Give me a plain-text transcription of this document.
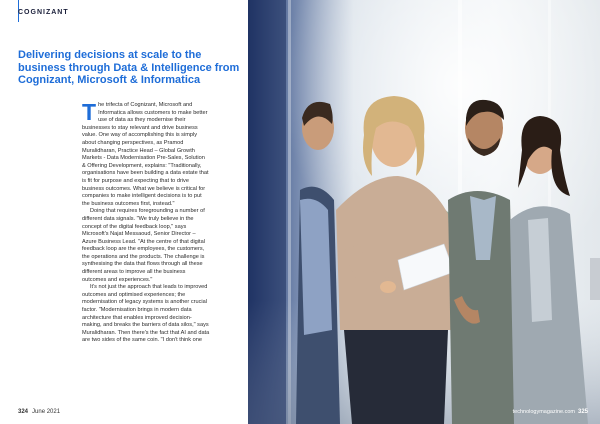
COGNIZANT
Delivering decisions at scale to the business through Data & Intelligence from Cognizant, Microsoft & Informatica

The trifecta of Cognizant, Microsoft and Informatica allows customers to make better use of data as they modernise their businesses to stay relevant and drive business value. One way of accomplishing this is simply about changing perspectives, as Pramod Muralidharan, Practice Head – Global Growth Markets - Data Modernisation Pre-Sales, Solution & Offering Development, explains: "Traditionally, organisations have been building a data estate that is fit for purpose and expecting that to drive business outcomes. What we believe is critical for companies to make intelligent decisions is to put the business outcomes first, instead."

Doing that requires foregrounding a number of different data signals. "We truly believe in the concept of the digital feedback loop," says Microsoft's Najat Messaoud, Senior Director – Azure Business Lead. "At the centre of that digital feedback loop are the employees, the customers, the operations and the products. The challenge is synthesising the data that flows through all these different areas to improve all the business outcomes and experiences."

It's not just the approach that leads to improved outcomes and optimised experiences; the modernisation of legacy systems is another crucial factor. "Modernisation brings in modern data architecture that enables improved decision-making, and breaks the barriers of data silos," says Muralidharan. Then there's the fact that AI and data are two sides of the same coin. "I don't think one

324 June 2021	technologymagazine.com 325
